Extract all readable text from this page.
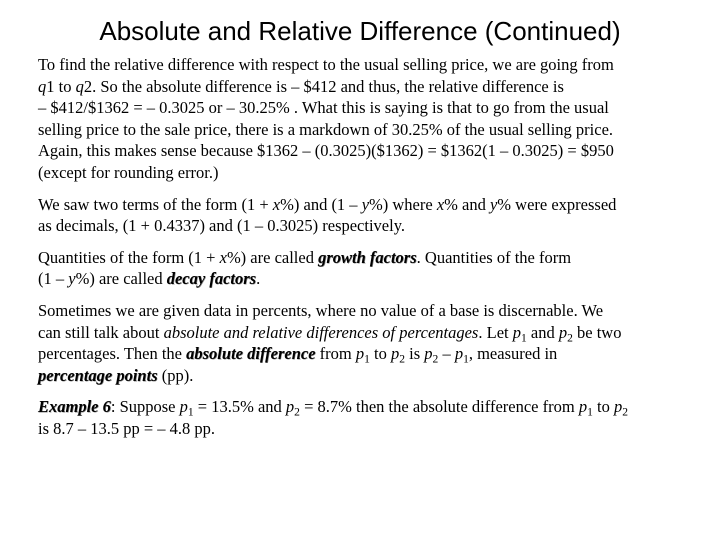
Absolute and Relative Difference (Continued)
To find the relative difference with respect to the usual selling price, we are going from
q1 to q2. So the absolute difference is – $412 and thus, the relative difference is
– $412/$1362 = – 0.3025 or – 30.25% . What this is saying is that to go from the usual
selling price to the sale price, there is a markdown of 30.25% of the usual selling price.
Again, this makes sense because $1362 – (0.3025)($1362) = $1362(1 – 0.3025) = $950
(except for rounding error.)
We saw two terms of the form (1 + x%) and (1 – y%) where x% and y% were expressed
as decimals, (1 + 0.4337) and (1 – 0.3025) respectively.
Quantities of the form (1 + x%) are called growth factors. Quantities of the form
(1 – y%) are called decay factors.
Sometimes we are given data in percents, where no value of a base is discernable. We
can still talk about absolute and relative differences of percentages. Let $p_1$ and $p_2$ be two
percentages. Then the absolute difference from $p_1$ to $p_2$ is $p_2 - p_1$, measured in
percentage points (pp).
Example 6: Suppose $p_1 = 13.5\%$ and $p_2 = 8.7\%$ then the absolute difference from $p_1$ to $p_2$
is 8.7 – 13.5 pp = – 4.8 pp.
